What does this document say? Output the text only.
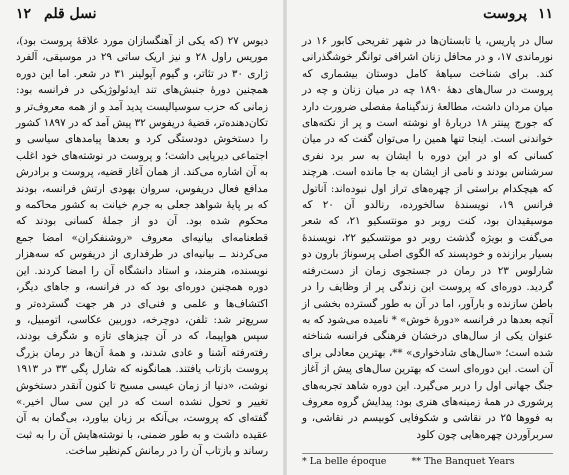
۱۲ نسل قلم

دیوس ۲۷ (که یکی از آهنگسازان مورد علاقهٔ پروست بود)، موریس راول ۲۸ و نیز اریک ساتی ۲۹ در موسیقی، آلفرد ژاری ۳۰ در تئاتر، و گیوم آپولینر ۳۱ در شعر. اما این دوره همچنین دورهٔ جنبش‌های تند ایدئولوژیکی در فرانسه بود: زمانی که حزب سوسیالیست پدید آمد و از همه معروف‌تر و تکان‌دهنده‌تر، قضیهٔ دریفوس ۳۲ پیش آمد که در ۱۸۹۷ کشور را دستخوش دودستگی کرد و بعدها پیامدهای سیاسی و اجتماعی دیرپایی داشت؛ و پروست در نوشته‌های خود اغلب به آن اشاره می‌کند. از همان آغاز قضیه، پروست و برادرش مدافع فعال دریفوس، سروان یهودی ارتش فرانسه، بودند که بر پایهٔ شواهد جعلی به جرم خیانت به کشور محاکمه و محکوم شده بود. آن دو از جملهٔ کسانی بودند که قطعنامه‌ای بیانیه‌ای معروف «روشنفکران» امضا جمع می‌کردند ــ بیانیه‌ای در طرفداری از دریفوس که سه‌هزار نویسنده، هنرمند، و استاد دانشگاه آن را امضا کردند. این دوره همچنین دوره‌ای بود که در فرانسه، و جاهای دیگر، اکتشاف‌ها و علمی و فنی‌ای در هر جهت گسترده‌تر و سریع‌تر شد: تلفن، دوچرخه، دوربین عکاسی، اتومبیل، و سپس هواپیما، که در آن چیزهای تازه و شگرف بودند، رفته‌رفته آشنا و عادی شدند، و همهٔ آن‌ها در رمان بزرگ پروست بازتاب یافتند. همانگونه که شارل پگی ۳۳ در ۱۹۱۳ نوشت، «دنیا از زمان عیسی مسیح تا کنون آنقدر دستخوش تغییر و تحول نشده است که در این سی سال اخیر.» گفته‌ای که پروست، بی‌آنکه بر زبان بیاورد، بی‌گمان به آن عقیده داشت و به طور ضمنی، با نوشته‌هایش آن را به ثبت رساند و بازتاب آن را در رمانش کم‌نظیر ساخت.

۱۱
پروست

سال در پاریس، یا تابستان‌ها در شهر تفریحی کابور ۱۶ در نورماندی ۱۷، و در محافل زنان اشرافی توانگر خوشگذرانی کند. برای شناخت سیاههٔ کامل دوستان بیشماری که پروست در سال‌های دههٔ ۱۸۹۰ چه در میان زنان و چه در میان مردان داشت، مطالعهٔ زندگینامهٔ مفصلی ضرورت دارد که جورج پینتر ۱۸ دربارهٔ او نوشته است و پر از نکته‌های خواندنی است. اینجا تنها همین را می‌توان گفت که در میان کسانی که او در این دوره با ایشان به سر برد نفری سرشناس بودند و نامی از ایشان به جا مانده است. هرچند که هیچکدام براستی از چهره‌های تراز اول نبوده‌اند: آناتول فرانس ۱۹، نویسندهٔ سالخورده، رنالدو آن ۲۰ که موسیقیدان بود، کنت روبر دو مونتسکیو ۲۱، که شعر می‌گفت و بویژه گذشت روبر دو مونتسکیو ۲۲، نویسندهٔ بسیار برازنده و خودپسند که الگوی اصلی پرسوناژ بارون دو شارلوس ۲۳ در رمان در جستجوی زمان از دست‌رفته گردید. دوره‌ای که پروست این زندگی پر از وظایف را در باطن سازنده و بارآور، اما در آن به طور گسترده بخشی از آنچه بعدها در فرانسه «دورهٔ خوش» * نامیده می‌شود که به عنوان یکی از سال‌های درخشان فرهنگی فرانسه شناخته شده است؛ «سال‌های شادخواری» **، بهترین معادلی برای آن است. این دوره‌ای است که بهترین سال‌های پیش از آغاز جنگ جهانی اول را دربر می‌گیرد. این دوره شاهد تجربه‌های پرشوری در همهٔ زمینه‌های هنری بود: پیدایش گروه معروف به فووها ۲۵ در نقاشی و شکوفایی کوبیسم در نقاشی، و سربرآوردن چهره‌هایی چون کلود

* La belle époque	** The Banquet Years
